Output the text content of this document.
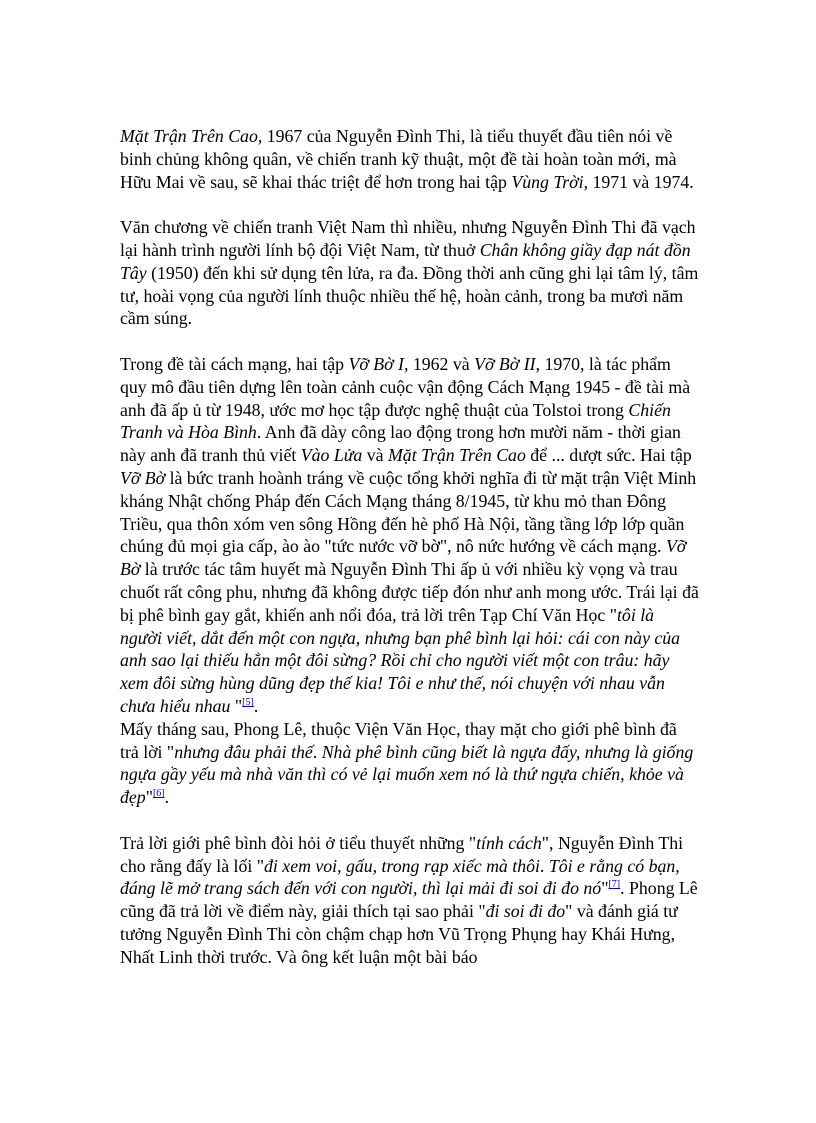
Mặt Trận Trên Cao, 1967 của Nguyễn Đình Thi, là tiểu thuyết đầu tiên nói về binh chủng không quân, về chiến tranh kỹ thuật, một đề tài hoàn toàn mới, mà Hữu Mai về sau, sẽ khai thác triệt để hơn trong hai tập Vùng Trời, 1971 và 1974.

Văn chương về chiến tranh Việt Nam thì nhiều, nhưng Nguyễn Đình Thi đã vạch lại hành trình người lính bộ đội Việt Nam, từ thuở Chân không giầy đạp nát đồn Tây (1950) đến khi sử dụng tên lửa, ra đa. Đồng thời anh cũng ghi lại tâm lý, tâm tư, hoài vọng của người lính thuộc nhiều thế hệ, hoàn cảnh, trong ba mươi năm cầm súng.

Trong đề tài cách mạng, hai tập Vỡ Bờ I, 1962 và Vỡ Bờ II, 1970, là tác phẩm quy mô đầu tiên dựng lên toàn cảnh cuộc vận động Cách Mạng 1945 - đề tài mà anh đã ấp ủ từ 1948, ước mơ học tập được nghệ thuật của Tolstoi trong Chiến Tranh và Hòa Bình. Anh đã dày công lao động trong hơn mười năm - thời gian này anh đã tranh thủ viết Vào Lửa và Mặt Trận Trên Cao để ... dượt sức. Hai tập Vỡ Bờ là bức tranh hoành tráng về cuộc tổng khởi nghĩa đi từ mặt trận Việt Minh kháng Nhật chống Pháp đến Cách Mạng tháng 8/1945, từ khu mỏ than Đông Triều, qua thôn xóm ven sông Hồng đến hè phố Hà Nội, tầng tầng lớp lớp quần chúng đủ mọi gia cấp, ào ào "tức nước vỡ bờ", nô nức hướng về cách mạng. Vỡ Bờ là trước tác tâm huyết mà Nguyễn Đình Thi ấp ủ với nhiều kỳ vọng và trau chuốt rất công phu, nhưng đã không được tiếp đón như anh mong ước. Trái lại đã bị phê bình gay gắt, khiến anh nổi đóa, trả lời trên Tạp Chí Văn Học "tôi là người viết, dắt đến một con ngựa, nhưng bạn phê bình lại hỏi: cái con này của anh sao lại thiếu hẳn một đôi sừng? Rồi chỉ cho người viết một con trâu: hãy xem đôi sừng hùng dũng đẹp thế kia! Tôi e như thế, nói chuyện với nhau vẫn chưa hiểu nhau "[5].

Mấy tháng sau, Phong Lê, thuộc Viện Văn Học, thay mặt cho giới phê bình đã trả lời "nhưng đâu phải thế. Nhà phê bình cũng biết là ngựa đấy, nhưng là giống ngựa gầy yếu mà nhà văn thì có vẻ lại muốn xem nó là thứ ngựa chiến, khỏe và đẹp"[6].

Trả lời giới phê bình đòi hỏi ở tiểu thuyết những "tính cách", Nguyễn Đình Thi cho rằng đấy là lối "đi xem voi, gấu, trong rạp xiếc mà thôi. Tôi e rằng có bạn, đáng lẽ mở trang sách đến với con người, thì lại mải đi soi đi đo nó"[7]. Phong Lê cũng đã trả lời về điểm này, giải thích tại sao phải "đi soi đi đo" và đánh giá tư tưởng Nguyễn Đình Thi còn chậm chạp hơn Vũ Trọng Phụng hay Khái Hưng, Nhất Linh thời trước. Và ông kết luận một bài báo
